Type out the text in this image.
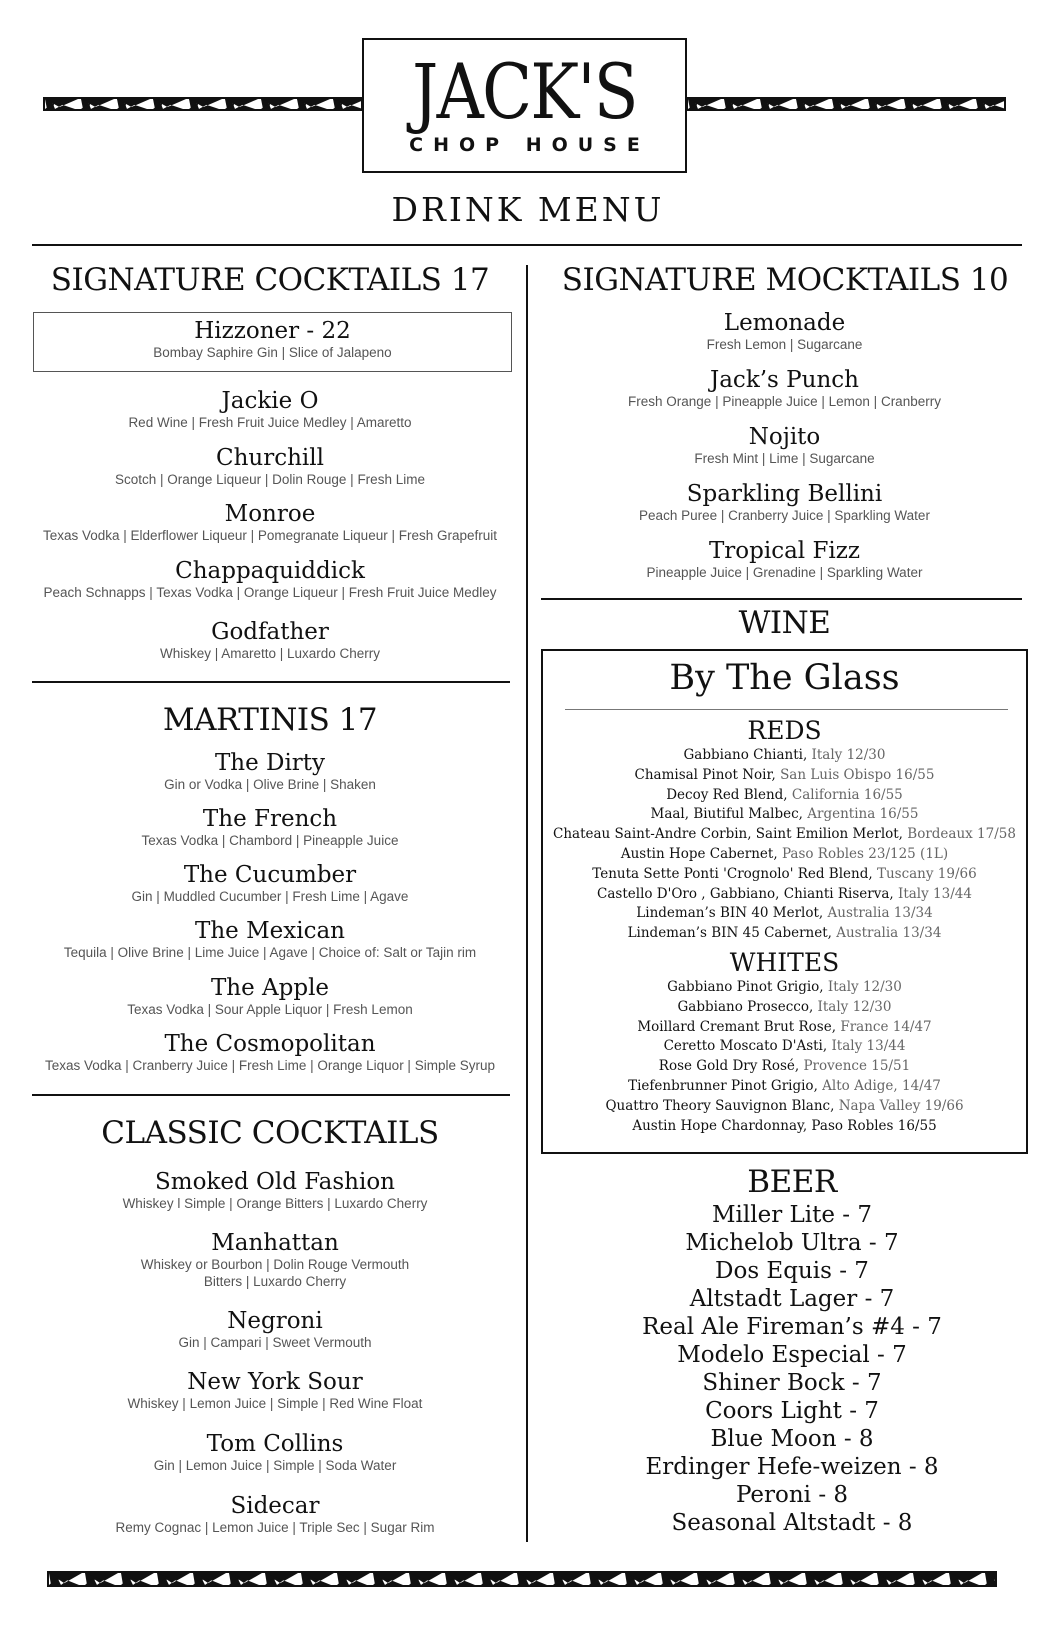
JACK'S
CHOP HOUSE
DRINK MENU
SIGNATURE COCKTAILS 17
Hizzoner - 22
Bombay Saphire Gin | Slice of Jalapeno
MARTINIS 17
CLASSIC COCKTAILS
SIGNATURE MOCKTAILS 10
WINE
By The Glass
REDS
Gabbiano Chianti, Italy 12/30
Chamisal Pinot Noir, San Luis Obispo 16/55
Decoy Red Blend, California 16/55
Maal, Biutiful Malbec, Argentina 16/55
Chateau Saint-Andre Corbin, Saint Emilion Merlot, Bordeaux 17/58
Austin Hope Cabernet, Paso Robles 23/125 (1L)
Tenuta Sette Ponti 'Crognolo' Red Blend, Tuscany 19/66
Castello D'Oro , Gabbiano, Chianti Riserva, Italy 13/44
Lindeman’s BIN 40 Merlot, Australia 13/34
Lindeman’s BIN 45 Cabernet, Australia 13/34
WHITES
Gabbiano Pinot Grigio, Italy 12/30
Gabbiano Prosecco, Italy 12/30
Moillard Cremant Brut Rose, France 14/47
Ceretto Moscato D'Asti, Italy 13/44
Rose Gold Dry Rosé, Provence 15/51
Tiefenbrunner Pinot Grigio, Alto Adige, 14/47
Quattro Theory Sauvignon Blanc, Napa Valley 19/66
Austin Hope Chardonnay, Paso Robles 16/55
BEER
Miller Lite - 7
Michelob Ultra - 7
Dos Equis - 7
Altstadt Lager - 7
Real Ale Fireman’s #4 - 7
Modelo Especial - 7
Shiner Bock - 7
Coors Light - 7
Blue Moon - 8
Erdinger Hefe-weizen - 8
Peroni - 8
Seasonal Altstadt - 8
Jackie O
Red Wine | Fresh Fruit Juice Medley | Amaretto
Churchill
Scotch | Orange Liqueur | Dolin Rouge | Fresh Lime
Monroe
Texas Vodka | Elderflower Liqueur | Pomegranate Liqueur | Fresh Grapefruit
Chappaquiddick
Peach Schnapps | Texas Vodka | Orange Liqueur | Fresh Fruit Juice Medley
Godfather
Whiskey | Amaretto | Luxardo Cherry
The Dirty
Gin or Vodka | Olive Brine | Shaken
The French
Texas Vodka | Chambord | Pineapple Juice
The Cucumber
Gin | Muddled Cucumber | Fresh Lime | Agave
The Mexican
Tequila | Olive Brine | Lime Juice | Agave | Choice of: Salt or Tajin rim
The Apple
Texas Vodka | Sour Apple Liquor | Fresh Lemon
The Cosmopolitan
Texas Vodka | Cranberry Juice | Fresh Lime | Orange Liquor | Simple Syrup
Smoked Old Fashion
Whiskey l Simple | Orange Bitters | Luxardo Cherry
Manhattan
Whiskey or Bourbon | Dolin Rouge Vermouth
Bitters | Luxardo Cherry
Negroni
Gin | Campari | Sweet Vermouth
New York Sour
Whiskey | Lemon Juice | Simple | Red Wine Float
Tom Collins
Gin | Lemon Juice | Simple | Soda Water
Sidecar
Remy Cognac | Lemon Juice | Triple Sec | Sugar Rim
Lemonade
Fresh Lemon | Sugarcane
Jack’s Punch
Fresh Orange | Pineapple Juice | Lemon | Cranberry
Nojito
Fresh Mint | Lime | Sugarcane
Sparkling Bellini
Peach Puree | Cranberry Juice | Sparkling Water
Tropical Fizz
Pineapple Juice | Grenadine | Sparkling Water
